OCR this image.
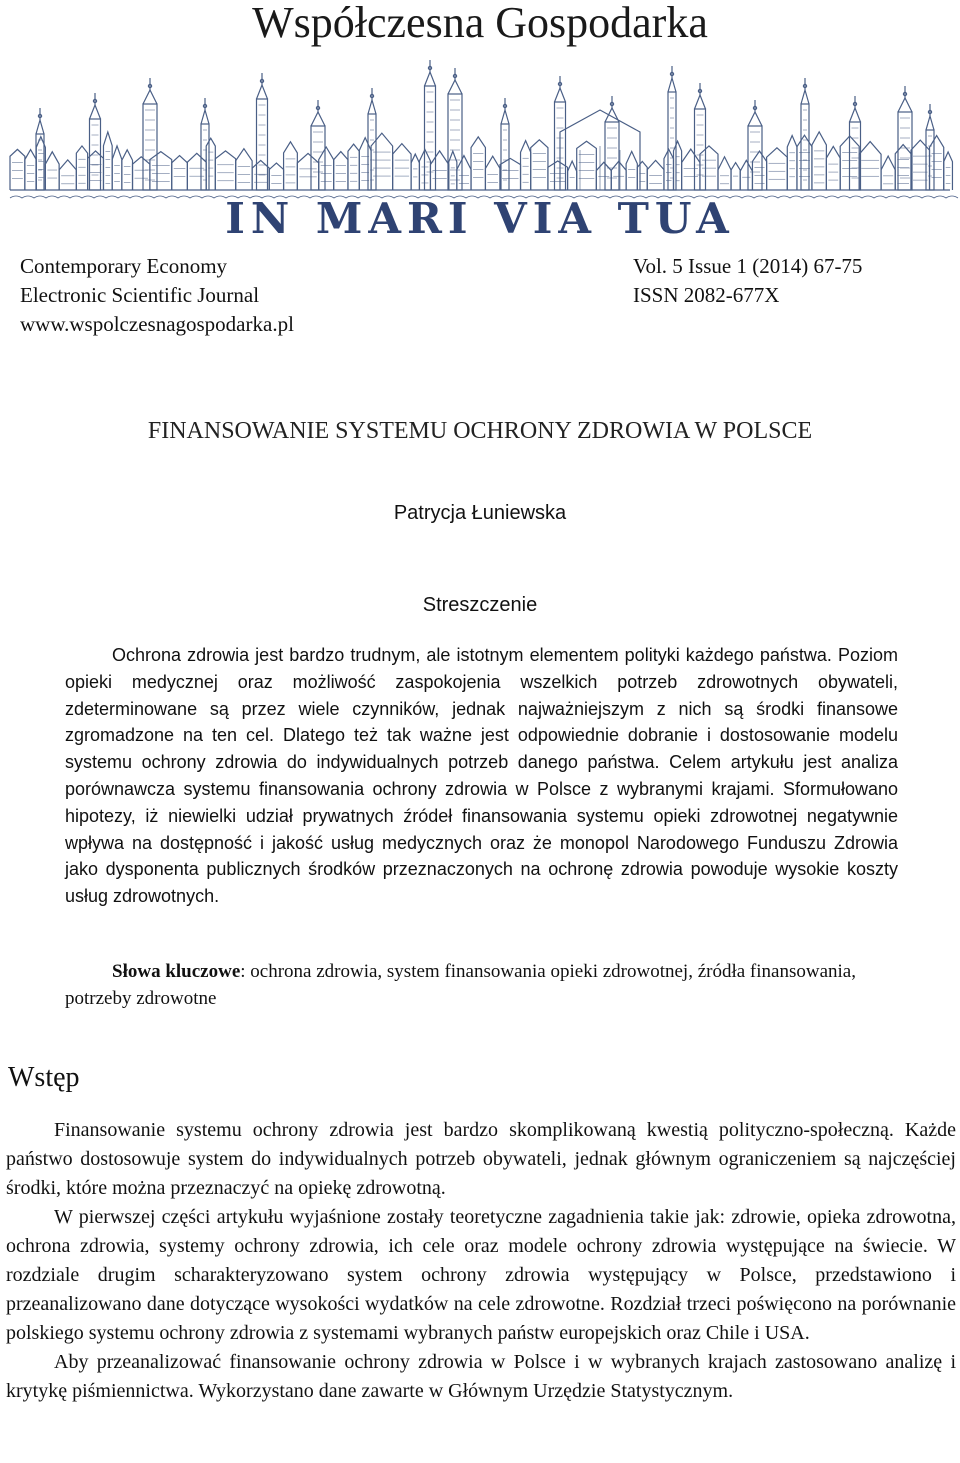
Współczesna Gospodarka
IN MARI VIA TUA
Contemporary Economy
Electronic Scientific Journal
www.wspolczesnagospodarka.pl
Vol. 5 Issue 1 (2014) 67-75
ISSN 2082-677X
FINANSOWANIE SYSTEMU OCHRONY ZDROWIA W POLSCE
Patrycja Łuniewska
Streszczenie

Ochrona zdrowia jest bardzo trudnym, ale istotnym elementem polityki każdego państwa. Poziom opieki medycznej oraz możliwość zaspokojenia wszelkich potrzeb zdrowotnych obywateli, zdeterminowane są przez wiele czynników, jednak najważniejszym z nich są środki finansowe zgromadzone na ten cel. Dlatego też tak ważne jest odpowiednie dobranie i dostosowanie modelu systemu ochrony zdrowia do indywidualnych potrzeb danego państwa. Celem artykułu jest analiza porównawcza systemu finansowania ochrony zdrowia w Polsce z wybranymi krajami. Sformułowano hipotezy, iż niewielki udział prywatnych źródeł finansowania systemu opieki zdrowotnej negatywnie wpływa na dostępność i jakość usług medycznych oraz że monopol Narodowego Funduszu Zdrowia jako dysponenta publicznych środków przeznaczonych na ochronę zdrowia powoduje wysokie koszty usług zdrowotnych.

Słowa kluczowe: ochrona zdrowia, system finansowania opieki zdrowotnej, źródła finansowania, potrzeby zdrowotne

Wstęp

Finansowanie systemu ochrony zdrowia jest bardzo skomplikowaną kwestią polityczno-społeczną. Każde państwo dostosowuje system do indywidualnych potrzeb obywateli, jednak głównym ograniczeniem są najczęściej środki, które można przeznaczyć na opiekę zdrowotną.

W pierwszej części artykułu wyjaśnione zostały teoretyczne zagadnienia takie jak: zdrowie, opieka zdrowotna, ochrona zdrowia, systemy ochrony zdrowia, ich cele oraz modele ochrony zdrowia występujące na świecie. W rozdziale drugim scharakteryzowano system ochrony zdrowia występujący w Polsce, przedstawiono i przeanalizowano dane dotyczące wysokości wydatków na cele zdrowotne. Rozdział trzeci poświęcono na porównanie polskiego systemu ochrony zdrowia z systemami wybranych państw europejskich oraz Chile i USA.

Aby przeanalizować finansowanie ochrony zdrowia w Polsce i w wybranych krajach zastosowano analizę i krytykę piśmiennictwa. Wykorzystano dane zawarte w Głównym Urzędzie Statystycznym.
